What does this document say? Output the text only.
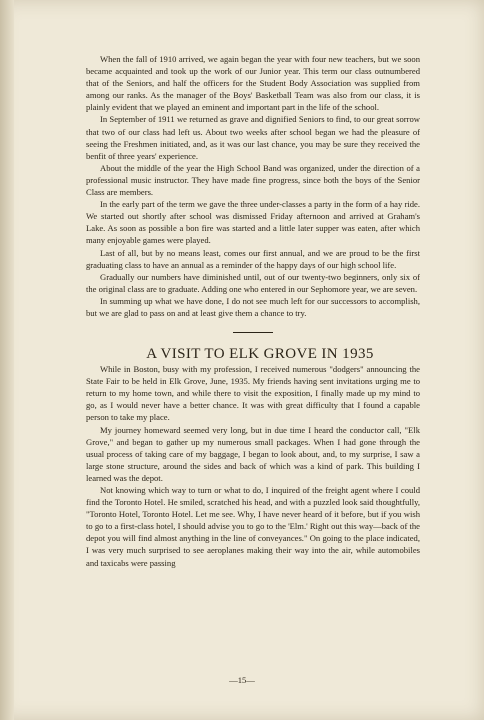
When the fall of 1910 arrived, we again began the year with four new teachers, but we soon became acquainted and took up the work of our Junior year. This term our class outnumbered that of the Seniors, and half the officers for the Student Body Association was supplied from among our ranks. As the manager of the Boys' Basketball Team was also from our class, it is plainly evident that we played an eminent and important part in the life of the school.

In September of 1911 we returned as grave and dignified Seniors to find, to our great sorrow that two of our class had left us. About two weeks after school began we had the pleasure of seeing the Freshmen initiated, and, as it was our last chance, you may be sure they received the benfit of three years' experience.

About the middle of the year the High School Band was organized, under the direction of a professional music instructor. They have made fine progress, since both the boys of the Senior Class are members.

In the early part of the term we gave the three under-classes a party in the form of a hay ride. We started out shortly after school was dismissed Friday afternoon and arrived at Graham's Lake. As soon as possible a bon fire was started and a little later supper was eaten, after which many enjoyable games were played.

Last of all, but by no means least, comes our first annual, and we are proud to be the first graduating class to have an annual as a reminder of the happy days of our high school life.

Gradually our numbers have diminished until, out of our twenty-two beginners, only six of the original class are to graduate. Adding one who entered in our Sephomore year, we are seven.

In summing up what we have done, I do not see much left for our successors to accomplish, but we are glad to pass on and at least give them a chance to try.

A VISIT TO ELK GROVE IN 1935

While in Boston, busy with my profession, I received numerous "dodgers" announcing the State Fair to be held in Elk Grove, June, 1935. My friends having sent invitations urging me to return to my home town, and while there to visit the exposition, I finally made up my mind to go, as I would never have a better chance. It was with great difficulty that I found a capable person to take my place.

My journey homeward seemed very long, but in due time I heard the conductor call, "Elk Grove," and began to gather up my numerous small packages. When I had gone through the usual process of taking care of my baggage, I began to look about, and, to my surprise, I saw a large stone structure, around the sides and back of which was a kind of park. This building I learned was the depot.

Not knowing which way to turn or what to do, I inquired of the freight agent where I could find the Toronto Hotel. He smiled, scratched his head, and with a puzzled look said thoughtfully, "Toronto Hotel, Toronto Hotel. Let me see. Why, I have never heard of it before, but if you wish to go to a first-class hotel, I should advise you to go to the 'Elm.' Right out this way—back of the depot you will find almost anything in the line of conveyances." On going to the place indicated, I was very much surprised to see aeroplanes making their way into the air, while automobiles and taxicabs were passing

—15—
